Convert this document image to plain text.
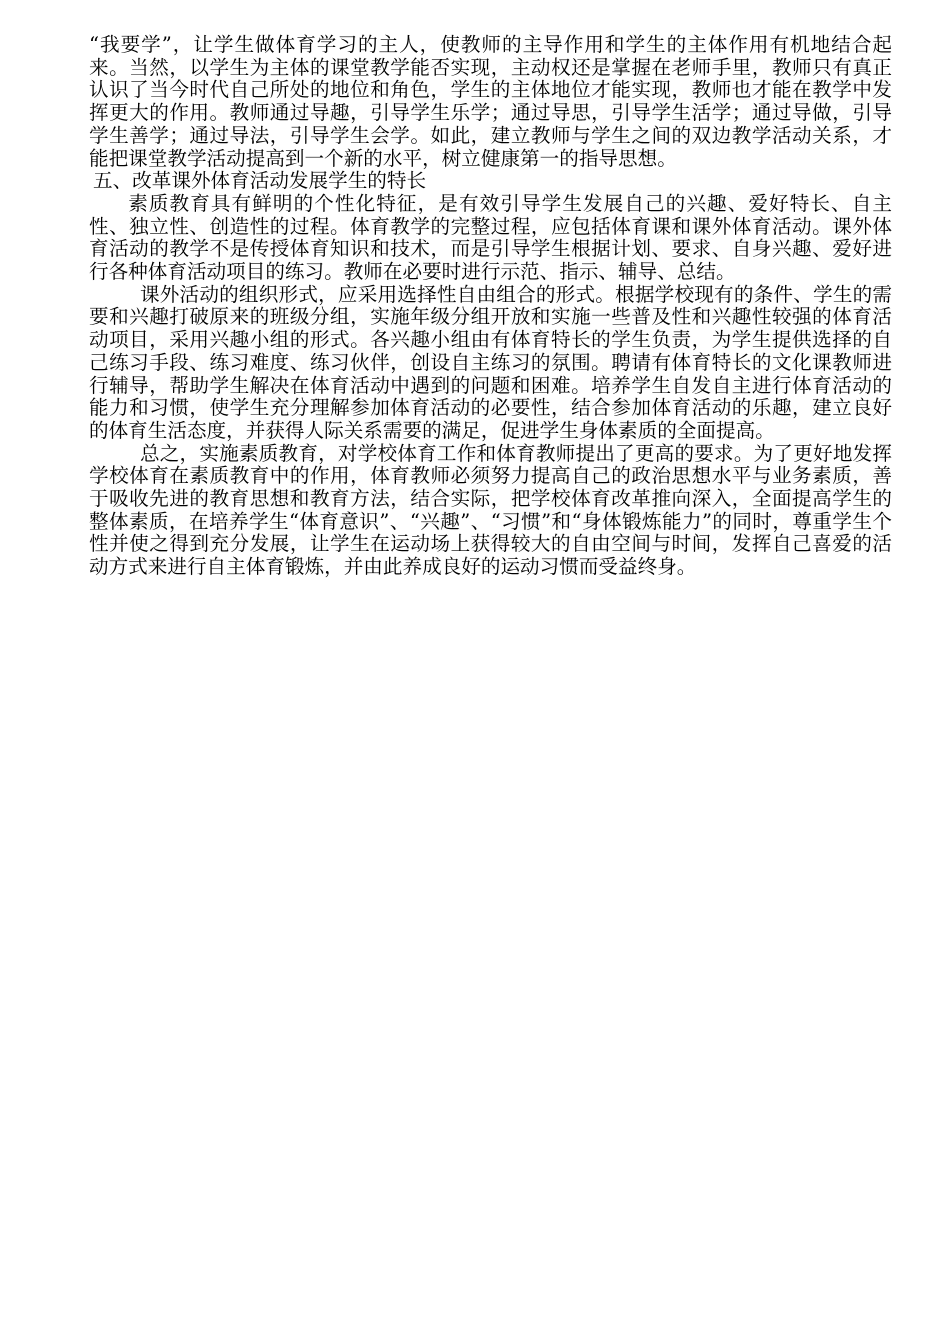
“我要学”，让学生做体育学习的主人，使教师的主导作用和学生的主体作用有机地结合起来。当然，以学生为主体的课堂教学能否实现，主动权还是掌握在老师手里，教师只有真正认识了当今时代自己所处的地位和角色，学生的主体地位才能实现，教师也才能在教学中发挥更大的作用。教师通过导趣，引导学生乐学；通过导思，引导学生活学；通过导做，引导学生善学；通过导法，引导学生会学。如此，建立教师与学生之间的双边教学活动关系，才能把课堂教学活动提高到一个新的水平，树立健康第一的指导思想。

五、改革课外体育活动发展学生的特长

素质教育具有鲜明的个性化特征，是有效引导学生发展自己的兴趣、爱好特长、自主性、独立性、创造性的过程。体育教学的完整过程，应包括体育课和课外体育活动。课外体育活动的教学不是传授体育知识和技术，而是引导学生根据计划、要求、自身兴趣、爱好进行各种体育活动项目的练习。教师在必要时进行示范、指示、辅导、总结。

课外活动的组织形式，应采用选择性自由组合的形式。根据学校现有的条件、学生的需要和兴趣打破原来的班级分组，实施年级分组开放和实施一些普及性和兴趣性较强的体育活动项目，采用兴趣小组的形式。各兴趣小组由有体育特长的学生负责，为学生提供选择的自己练习手段、练习难度、练习伙伴，创设自主练习的氛围。聘请有体育特长的文化课教师进行辅导，帮助学生解决在体育活动中遇到的问题和困难。培养学生自发自主进行体育活动的能力和习惯，使学生充分理解参加体育活动的必要性，结合参加体育活动的乐趣，建立良好的体育生活态度，并获得人际关系需要的满足，促进学生身体素质的全面提高。

总之，实施素质教育，对学校体育工作和体育教师提出了更高的要求。为了更好地发挥学校体育在素质教育中的作用，体育教师必须努力提高自己的政治思想水平与业务素质，善于吸收先进的教育思想和教育方法，结合实际，把学校体育改革推向深入，全面提高学生的整体素质，在培养学生“体育意识”、“兴趣”、“习惯”和“身体锻炼能力”的同时，尊重学生个性并使之得到充分发展，让学生在运动场上获得较大的自由空间与时间，发挥自己喜爱的活动方式来进行自主体育锻炼，并由此养成良好的运动习惯而受益终身。
